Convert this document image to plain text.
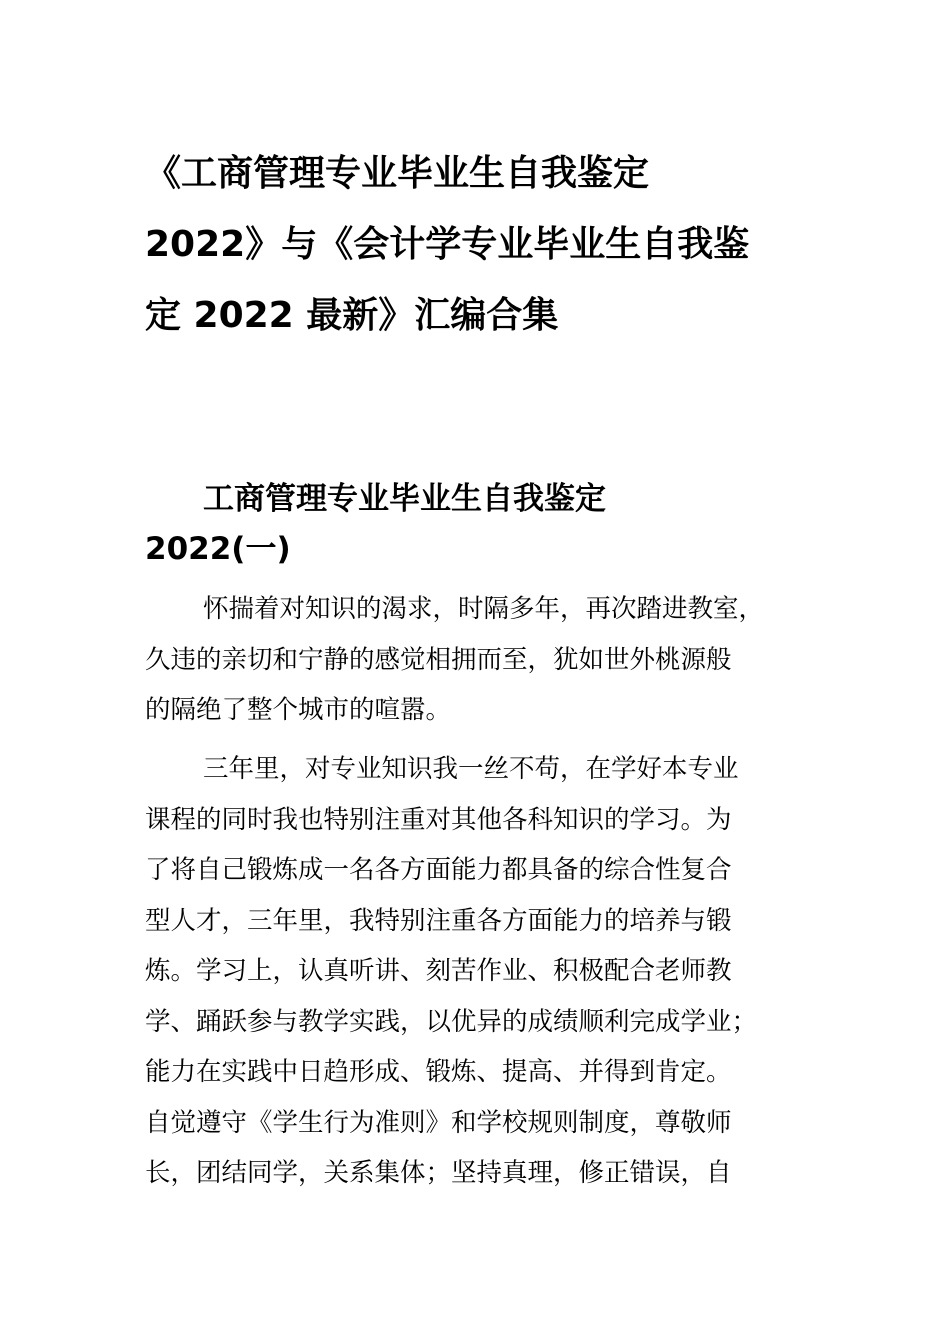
《工商管理专业毕业生自我鉴定
2022》与《会计学专业毕业生自我鉴
定 2022 最新》汇编合集
工商管理专业毕业生自我鉴定
2022(一)

怀揣着对知识的渴求，时隔多年，再次踏进教室，
久违的亲切和宁静的感觉相拥而至，犹如世外桃源般
的隔绝了整个城市的喧嚣。

三年里，对专业知识我一丝不苟，在学好本专业
课程的同时我也特别注重对其他各科知识的学习。为
了将自己锻炼成一名各方面能力都具备的综合性复合
型人才，三年里，我特别注重各方面能力的培养与锻
炼。学习上，认真听讲、刻苦作业、积极配合老师教
学、踊跃参与教学实践，以优异的成绩顺利完成学业；
能力在实践中日趋形成、锻炼、提高、并得到肯定。
自觉遵守《学生行为准则》和学校规则制度，尊敬师
长，团结同学，关系集体；坚持真理，修正错误，自
